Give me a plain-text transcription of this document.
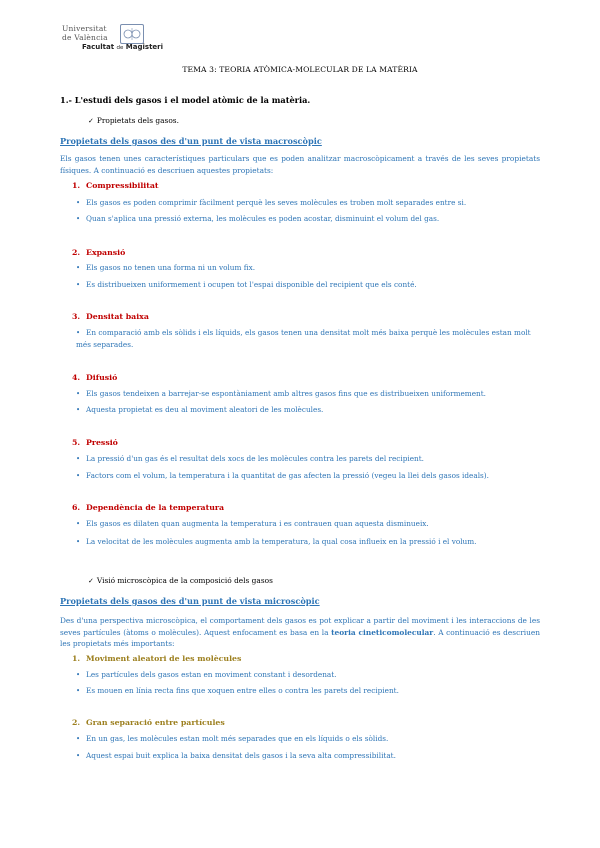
Universitat
de València
Facultat de Magisteri
TEMA 3: TEORIA ATÒMICA-MOLECULAR DE LA MATÈRIA
1.- L'estudi dels gasos i el model atòmic de la matèria.
✓ Propietats dels gasos.
Propietats dels gasos des d'un punt de vista macroscòpic
Els gasos tenen unes característiques particulars que es poden analitzar macroscòpicament a través de les seves propietats físiques. A continuació es descriuen aquestes propietats:
1. Compressibilitat
• Els gasos es poden comprimir fàcilment perquè les seves molècules es troben molt separades entre si.
• Quan s'aplica una pressió externa, les molècules es poden acostar, disminuint el volum del gas.
2. Expansió
• Els gasos no tenen una forma ni un volum fix.
• Es distribueixen uniformement i ocupen tot l'espai disponible del recipient que els conté.
3. Densitat baixa
• En comparació amb els sòlids i els líquids, els gasos tenen una densitat molt més baixa perquè les molècules estan molt més separades.
4. Difusió
• Els gasos tendeixen a barrejar-se espontàniament amb altres gasos fins que es distribueixen uniformement.
• Aquesta propietat es deu al moviment aleatori de les molècules.
5. Pressió
• La pressió d'un gas és el resultat dels xocs de les molècules contra les parets del recipient.
• Factors com el volum, la temperatura i la quantitat de gas afecten la pressió (vegeu la llei dels gasos ideals).
6. Dependència de la temperatura
• Els gasos es dilaten quan augmenta la temperatura i es contrauen quan aquesta disminueix.
• La velocitat de les molècules augmenta amb la temperatura, la qual cosa influeix en la pressió i el volum.
✓ Visió microscòpica de la composició dels gasos
Propietats dels gasos des d'un punt de vista microscòpic
Des d'una perspectiva microscòpica, el comportament dels gasos es pot explicar a partir del moviment i les interaccions de les seves partícules (àtoms o molècules). Aquest enfocament es basa en la teoria cineticomolecular. A continuació es descriuen les propietats més importants:
1. Moviment aleatori de les molècules
• Les partícules dels gasos estan en moviment constant i desordenat.
• Es mouen en línia recta fins que xoquen entre elles o contra les parets del recipient.
2. Gran separació entre partícules
• En un gas, les molècules estan molt més separades que en els líquids o els sòlids.
• Aquest espai buit explica la baixa densitat dels gasos i la seva alta compressibilitat.
